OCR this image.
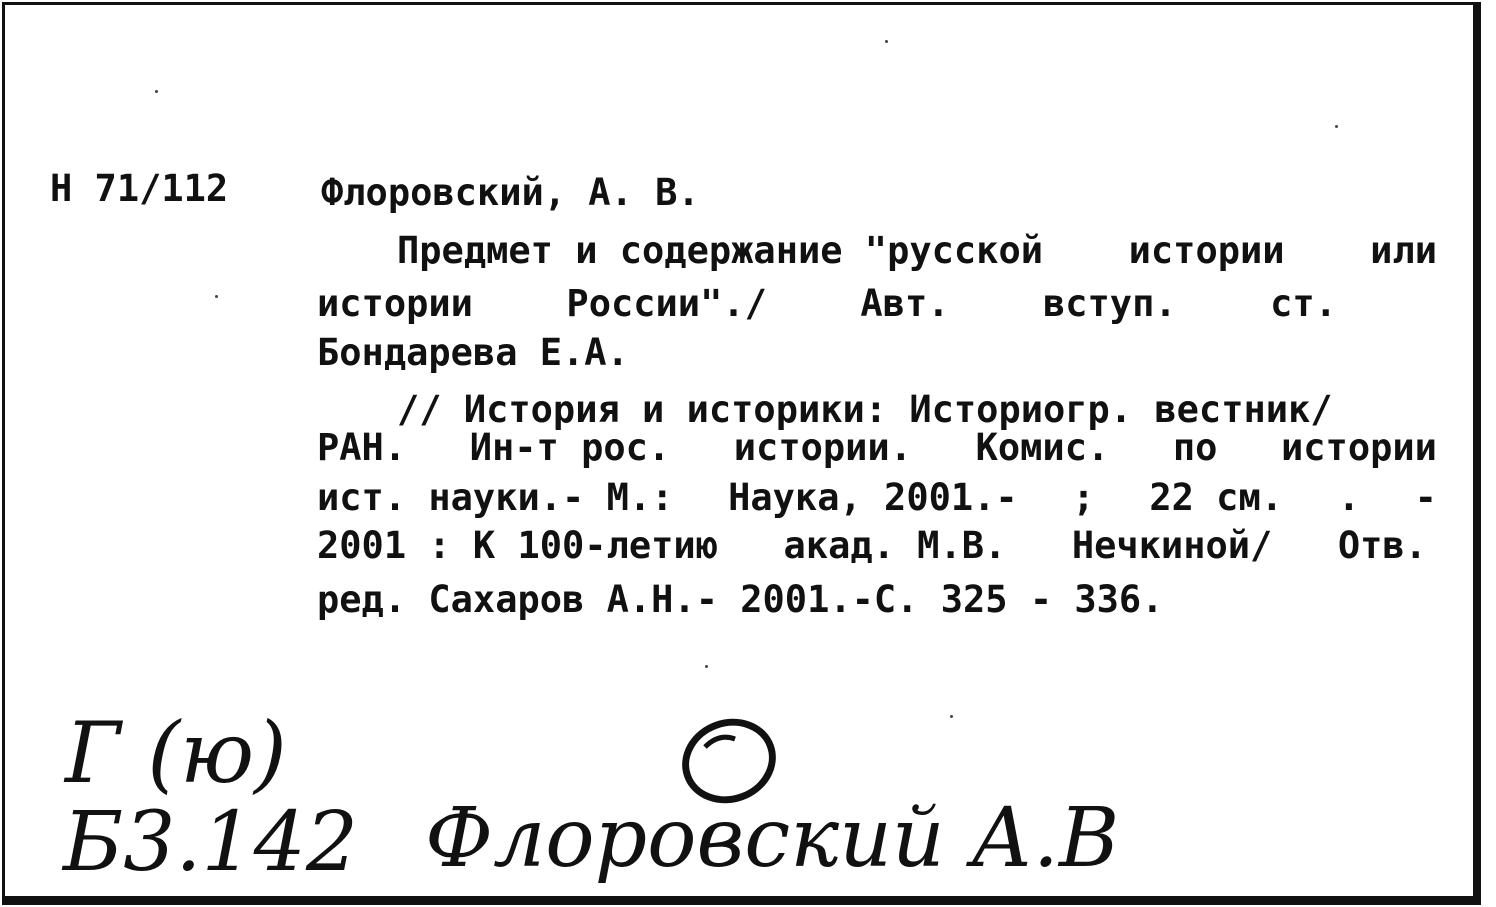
Н 71/112	Флоровский, А. В.
Предмет и содержание "русской истории или
истории	России"./	Авт.	вступ.	ст.
Бондарева Е.А.
// История и историки: Историогр. вестник/
РАН. Ин-т рос. истории. Комис. по истории
ист. науки.- М.: Наука, 2001.- ; 22 см. . -
2001 : К 100-летию акад. М.В. Нечкиной/ Отв.
ред. Сахаров А.Н.- 2001.-С. 325 - 336.
Г (ю)
Б3.142 Флоровский А.В
